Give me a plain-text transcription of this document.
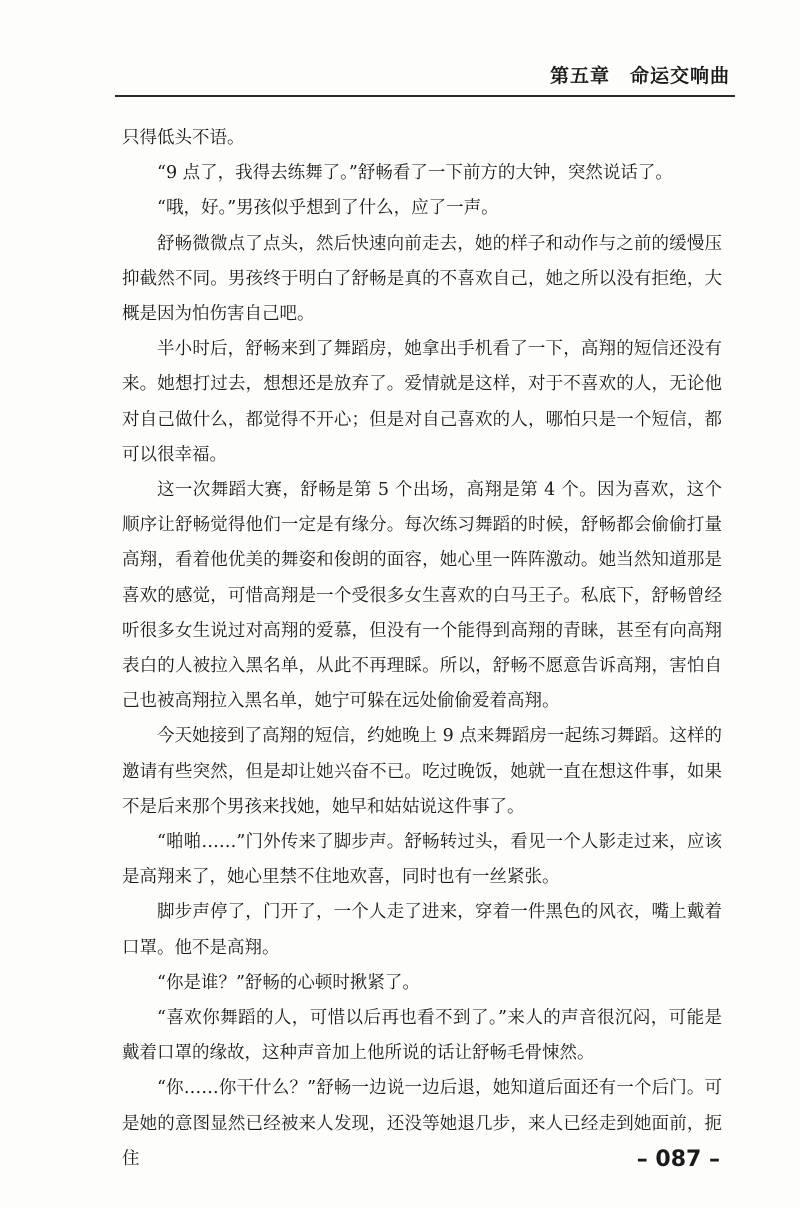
第五章　命运交响曲

只得低头不语。

“9 点了，我得去练舞了。”舒畅看了一下前方的大钟，突然说话了。

“哦，好。”男孩似乎想到了什么，应了一声。

舒畅微微点了点头，然后快速向前走去，她的样子和动作与之前的缓慢压抑截然不同。男孩终于明白了舒畅是真的不喜欢自己，她之所以没有拒绝，大概是因为怕伤害自己吧。

半小时后，舒畅来到了舞蹈房，她拿出手机看了一下，高翔的短信还没有来。她想打过去，想想还是放弃了。爱情就是这样，对于不喜欢的人，无论他对自己做什么，都觉得不开心；但是对自己喜欢的人，哪怕只是一个短信，都可以很幸福。

这一次舞蹈大赛，舒畅是第 5 个出场，高翔是第 4 个。因为喜欢，这个顺序让舒畅觉得他们一定是有缘分。每次练习舞蹈的时候，舒畅都会偷偷打量高翔，看着他优美的舞姿和俊朗的面容，她心里一阵阵激动。她当然知道那是喜欢的感觉，可惜高翔是一个受很多女生喜欢的白马王子。私底下，舒畅曾经听很多女生说过对高翔的爱慕，但没有一个能得到高翔的青睐，甚至有向高翔表白的人被拉入黑名单，从此不再理睬。所以，舒畅不愿意告诉高翔，害怕自己也被高翔拉入黑名单，她宁可躲在远处偷偷爱着高翔。

今天她接到了高翔的短信，约她晚上 9 点来舞蹈房一起练习舞蹈。这样的邀请有些突然，但是却让她兴奋不已。吃过晚饭，她就一直在想这件事，如果不是后来那个男孩来找她，她早和姑姑说这件事了。

“啪啪……”门外传来了脚步声。舒畅转过头，看见一个人影走过来，应该是高翔来了，她心里禁不住地欢喜，同时也有一丝紧张。

脚步声停了，门开了，一个人走了进来，穿着一件黑色的风衣，嘴上戴着口罩。他不是高翔。

“你是谁？”舒畅的心顿时揪紧了。

“喜欢你舞蹈的人，可惜以后再也看不到了。”来人的声音很沉闷，可能是戴着口罩的缘故，这种声音加上他所说的话让舒畅毛骨悚然。

“你……你干什么？”舒畅一边说一边后退，她知道后面还有一个后门。可是她的意图显然已经被来人发现，还没等她退几步，来人已经走到她面前，扼住	– 087 –
